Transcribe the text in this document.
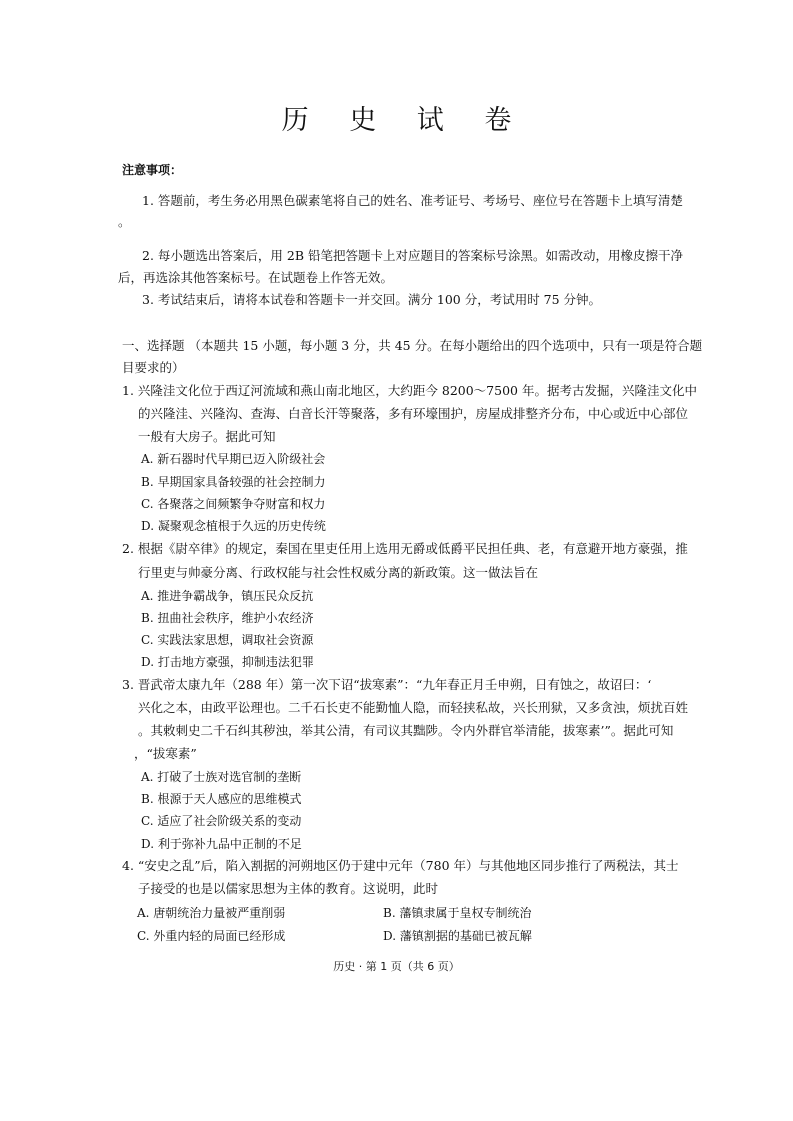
历 史 试 卷
注意事项：
1. 答题前，考生务必用黑色碳素笔将自己的姓名、准考证号、考场号、座位号在答题卡上填写清楚
。
2. 每小题选出答案后，用 2B 铅笔把答题卡上对应题目的答案标号涂黑。如需改动，用橡皮擦干净
后，再选涂其他答案标号。在试题卷上作答无效。
3. 考试结束后，请将本试卷和答题卡一并交回。满分 100 分，考试用时 75 分钟。
一、选择题 （本题共 15 小题，每小题 3 分，共 45 分。在每小题给出的四个选项中，只有一项是符合题
目要求的）
1. 兴隆洼文化位于西辽河流域和燕山南北地区，大约距今 8200～7500 年。据考古发掘，兴隆洼文化中
的兴隆洼、兴隆沟、查海、白音长汗等聚落，多有环壕围护，房屋成排整齐分布，中心或近中心部位
一般有大房子。据此可知
A. 新石器时代早期已迈入阶级社会
B. 早期国家具备较强的社会控制力
C. 各聚落之间频繁争夺财富和权力
D. 凝聚观念植根于久远的历史传统
2. 根据《尉卒律》的规定，秦国在里吏任用上选用无爵或低爵平民担任典、老，有意避开地方豪强，推
行里吏与帅豪分离、行政权能与社会性权威分离的新政策。这一做法旨在
A. 推进争霸战争，镇压民众反抗
B. 扭曲社会秩序，维护小农经济
C. 实践法家思想，调取社会资源
D. 打击地方豪强，抑制违法犯罪
3. 晋武帝太康九年（288 年）第一次下诏“拔寒素”：“九年春正月壬申朔，日有蚀之，故诏曰：‘
兴化之本，由政平讼理也。二千石长吏不能勤恤人隐，而轻挟私故，兴长刑狱，又多贪浊，烦扰百姓
。其敕刺史二千石纠其秽浊，举其公清，有司议其黜陟。令内外群官举清能，拔寒素’”。据此可知
，“拔寒素”
A. 打破了士族对选官制的垄断
B. 根源于天人感应的思维模式
C. 适应了社会阶级关系的变动
D. 利于弥补九品中正制的不足
4. “安史之乱”后，陷入割据的河朔地区仍于建中元年（780 年）与其他地区同步推行了两税法，其士
子接受的也是以儒家思想为主体的教育。这说明，此时
A. 唐朝统治力量被严重削弱	B. 藩镇隶属于皇权专制统治
C. 外重内轻的局面已经形成	D. 藩镇割据的基础已被瓦解
历史 · 第 1 页（共 6 页）
